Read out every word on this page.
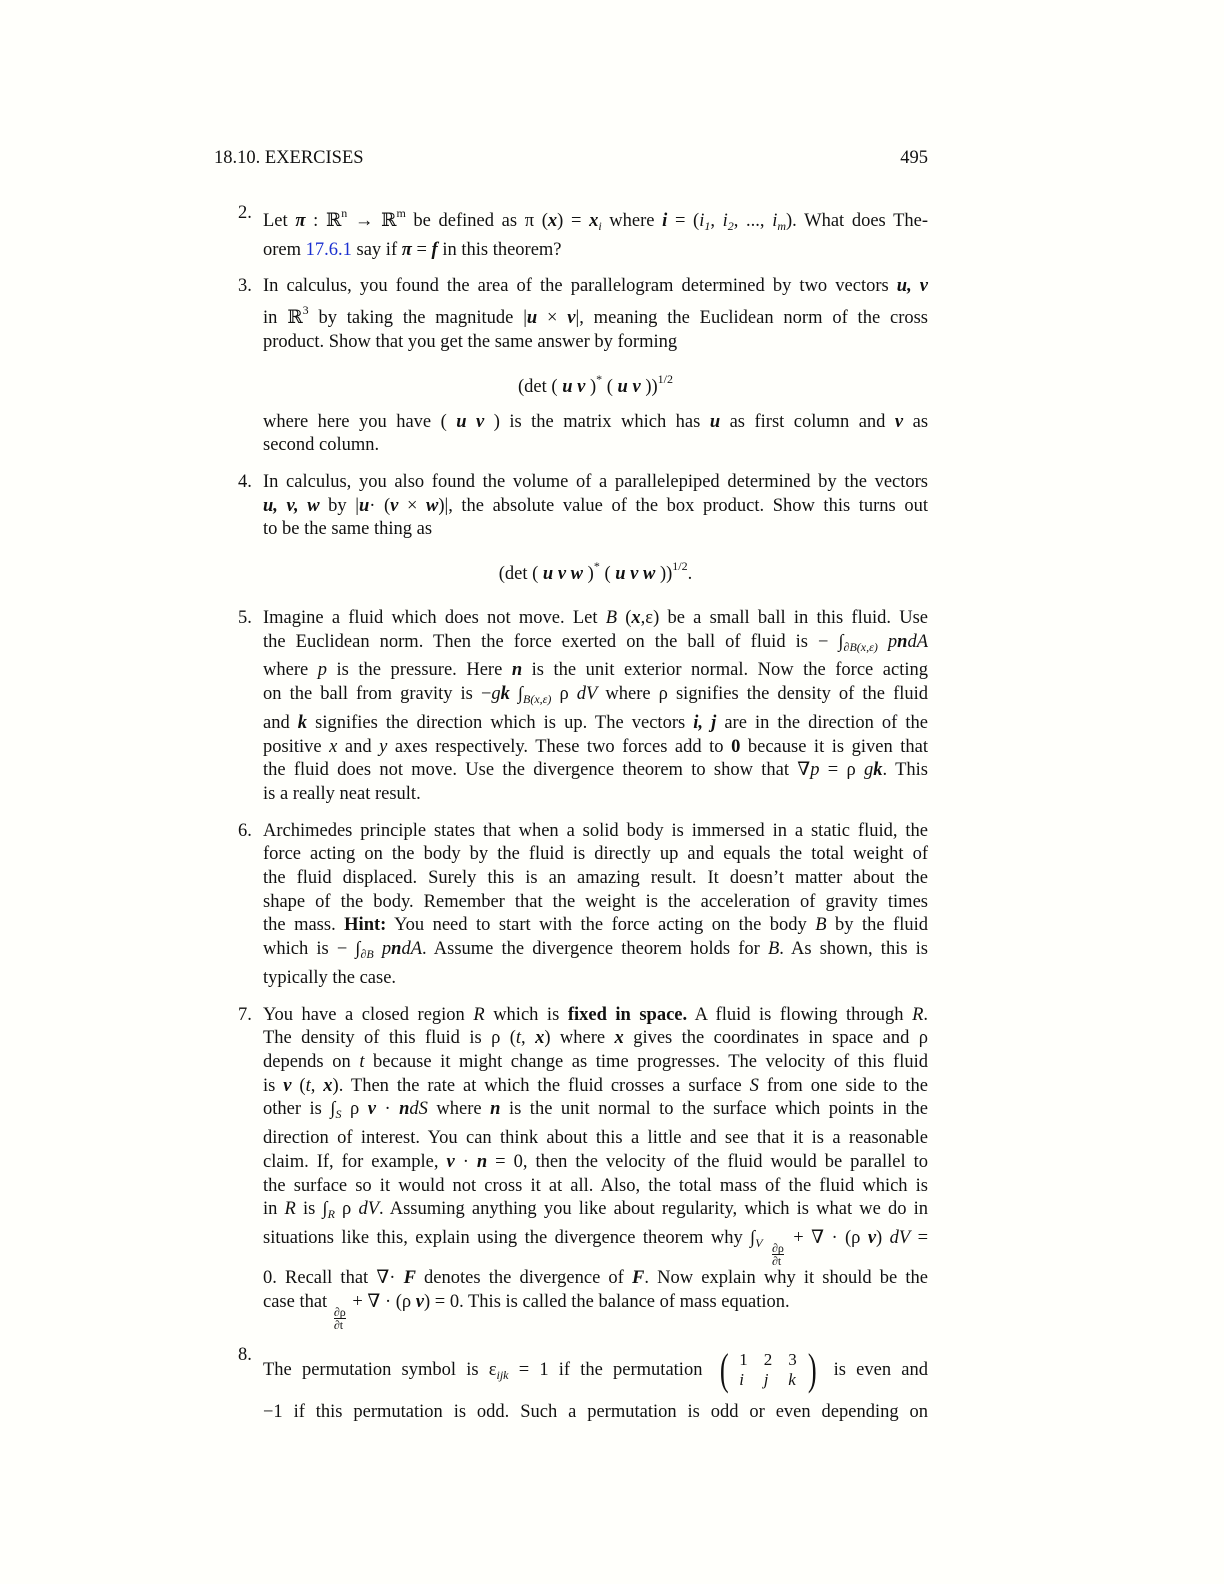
18.10. EXERCISES	495
2. Let π : ℝ$^n$ → ℝ$^m$ be defined as π $(x) = x_i$ where $i = (i_1$, $i_2$, ..., $i_m$). What does The-
orem 17.6.1 say if π = f in this theorem?
3. In calculus, you found the area of the parallelogram determined by two vectors u, v
in ℝ$^3$ by taking the magnitude |u × v|, meaning the Euclidean norm of the cross
product. Show that you get the same answer by forming
(det ( u v )* ( u v ))$^{1/2}$
where here you have ( u v ) is the matrix which has u as first column and v as
second column.
4. In calculus, you also found the volume of a parallelepiped determined by the vectors
u, v, w by |u· (v × w)|, the absolute value of the box product. Show this turns out
to be the same thing as
(det ( u v w )* ( u v w ))$^{1/2}$.
5. Imagine a fluid which does not move. Let B (x,ε) be a small ball in this fluid. Use
the Euclidean norm. Then the force exerted on the ball of fluid is − $\int_{\partial B(x,\varepsilon)}$ pndA
where p is the pressure. Here n is the unit exterior normal. Now the force acting
on the ball from gravity is −gk $\int_{B(x,\varepsilon)}$ ρ dV where ρ signifies the density of the fluid
and k signifies the direction which is up. The vectors i, j are in the direction of the
positive x and y axes respectively. These two forces add to 0 because it is given that
the fluid does not move. Use the divergence theorem to show that ∇p = ρ gk. This
is a really neat result.
6. Archimedes principle states that when a solid body is immersed in a static fluid, the
force acting on the body by the fluid is directly up and equals the total weight of
the fluid displaced. Surely this is an amazing result. It doesn’t matter about the
shape of the body. Remember that the weight is the acceleration of gravity times
the mass. Hint: You need to start with the force acting on the body B by the fluid
which is − $\int_{\partial B}$ pndA. Assume the divergence theorem holds for B. As shown, this is
typically the case.
7. You have a closed region R which is fixed in space. A fluid is flowing through R.
The density of this fluid is ρ (t, x) where x gives the coordinates in space and ρ
depends on t because it might change as time progresses. The velocity of this fluid
is v (t, x). Then the rate at which the fluid crosses a surface S from one side to the
other is $\int_S$ ρ v · ndS where n is the unit normal to the surface which points in the
direction of interest. You can think about this a little and see that it is a reasonable
claim. If, for example, v · n = 0, then the velocity of the fluid would be parallel to
the surface so it would not cross it at all. Also, the total mass of the fluid which is
in R is $\int_R$ ρ dV. Assuming anything you like about regularity, which is what we do in
situations like this, explain using the divergence theorem why $\int_V \frac{\partial\rho}{\partial t}$
+ ∇ · (ρ v) dV =
0. Recall that ∇· F denotes the divergence of F. Now explain why it should be the
case that
$\frac{\partial\rho}{\partial t}$
+ ∇ · (ρ v) = 0. This is called the balance of mass equation.
8.
The permutation symbol is $\varepsilon_{ijk} = 1$ if the permutation ( 1	2	3
i	j	k ) is even and
−1 if this permutation is odd. Such a permutation is odd or even depending on
